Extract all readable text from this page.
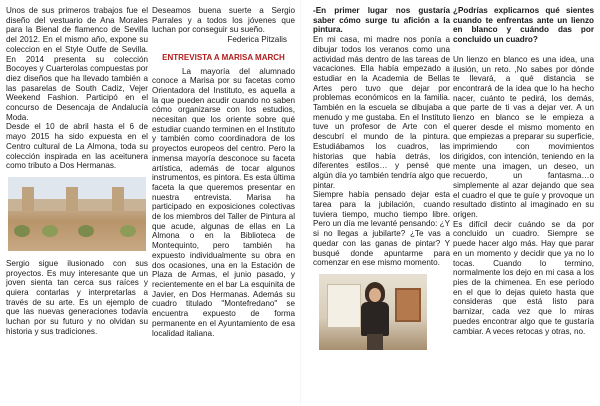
Unos de sus primeros trabajos fue el diseño del vestuario de Ana Morales para la Bienal de flamenco de Sevilla del 2012. En el mismo año, expone su coleccion en el Style Outfe de Sevilla. En 2014 presenta su colección Bocoyes y Cuarterolas compuestas por diez diseños que ha llevado también a las pasarelas de South Cadiz, Vejer Weekend Fashion. Participó en el concurso de Desencaja de Andalucía Moda.

Desde el 10 de abril hasta el 6 de mayo 2015 ha sido expuesta en el Centro cultural de La Almona, toda su colección inspirada en las aceitunera como tributo a Dos Hermanas.

Sergio sigue ilusionado con sus proyectos. Es muy interesante que un joven sienta tan cerca sus raíces y quiera contarlas y interpretarlas a través de su arte. Es un ejemplo de que las nuevas generaciones todavía luchan por su futuro y no olvidan su historia y sus tradiciones.

Deseamos buena suerte a Sergio Parrales y a todos los jóvenes que luchan por conseguir su sueño.

Federica Pitzalis

ENTREVISTA A MARISA MARCH

La mayoría del alumnado conoce a Marisa por su facetas como Orientadora del Instituto, es aquella a la que pueden acudir cuando no saben cómo organizarse con los estudios, necesitan que los oriente sobre qué estudiar cuando terminen en el Instituto y también como coordinadora de los proyectos europeos del centro. Pero la inmensa mayoría desconoce su faceta artística, además de tocar algunos instrumentos, es pintora. Es esta última faceta la que queremos presentar en nuestra entrevista. Marisa ha participado en exposiciones colectivas de los miembros del Taller de Pintura al que acude, algunas de ellas en La Almona o en la Biblioteca de Montequinto, pero también ha expuesto individualmente su obra en dos ocasiones, una en la Estación de Plaza de Armas, el junio pasado, y recientemente en el bar La esquinita de Javier, en Dos Hermanas. Además su cuadro titulado "Montefredano" se encuentra expuesto de forma permanente en el Ayuntamiento de esa localidad italiana.

-En primer lugar nos gustaría saber cómo surge tu afición a la pintura.

En mi casa, mi madre nos ponía a dibujar todos los veranos como una actividad más dentro de las tareas de vacaciones. Ella había empezado a estudiar en la Academia de Bellas Artes pero tuvo que dejar por problemas económicos en la familia. También en la escuela se dibujaba a menudo y me gustaba. En el Instituto tuve un profesor de Arte con el descubrí el mundo de la pintura. Estudiábamos los cuadros, las historias que había detrás, los diferentes estilos… y pensé que algún día yo también tendría algo que pintar.

Siempre había pensado dejar esta tarea para la jubilación, cuando tuviera tiempo, mucho tiempo libre. Pero un día me levanté pensando: ¿Y si no llegas a jubilarte? ¿Te vas a quedar con las ganas de pintar? Y busqué donde apuntarme para comenzar en ese mismo momento.

¿Podrías explicarnos qué sientes cuando te enfrentas ante un lienzo en blanco y cuándo das por concluido un cuadro?

Un lienzo en blanco es una idea, una ilusión, un reto. ,No sabes por dónde te llevará, a qué distancia se encontrará de la idea que lo ha hecho nacer, cuánto te pedirá, los demás, que parte de ti vas a dejar ver. A un lienzo en blanco se le empieza a querer desde el mismo momento en que empiezas a preparar su superficie, imprimiendo con movimientos dirigidos, con intención, teniendo en la mente una imagen, un deseo, un recuerdo, un fantasma…o simplemente al azar dejando que sea el cuadro el que te guíe y provoque un resultado distinto al imaginado en su origen.

Es difícil decir cuándo se da por concluido un cuadro. Siempre se puede hacer algo más. Hay que parar en un momento y decidir que ya no lo tocas. Cuando lo termino, normalmente los dejo en mi casa a los pies de la chimenea. En ese período en el que lo dejas quieto hasta que consideras que está listo para barnizar, cada vez que lo miras puedes encontrar algo que te gustaría cambiar. A veces retocas y otras, no.
